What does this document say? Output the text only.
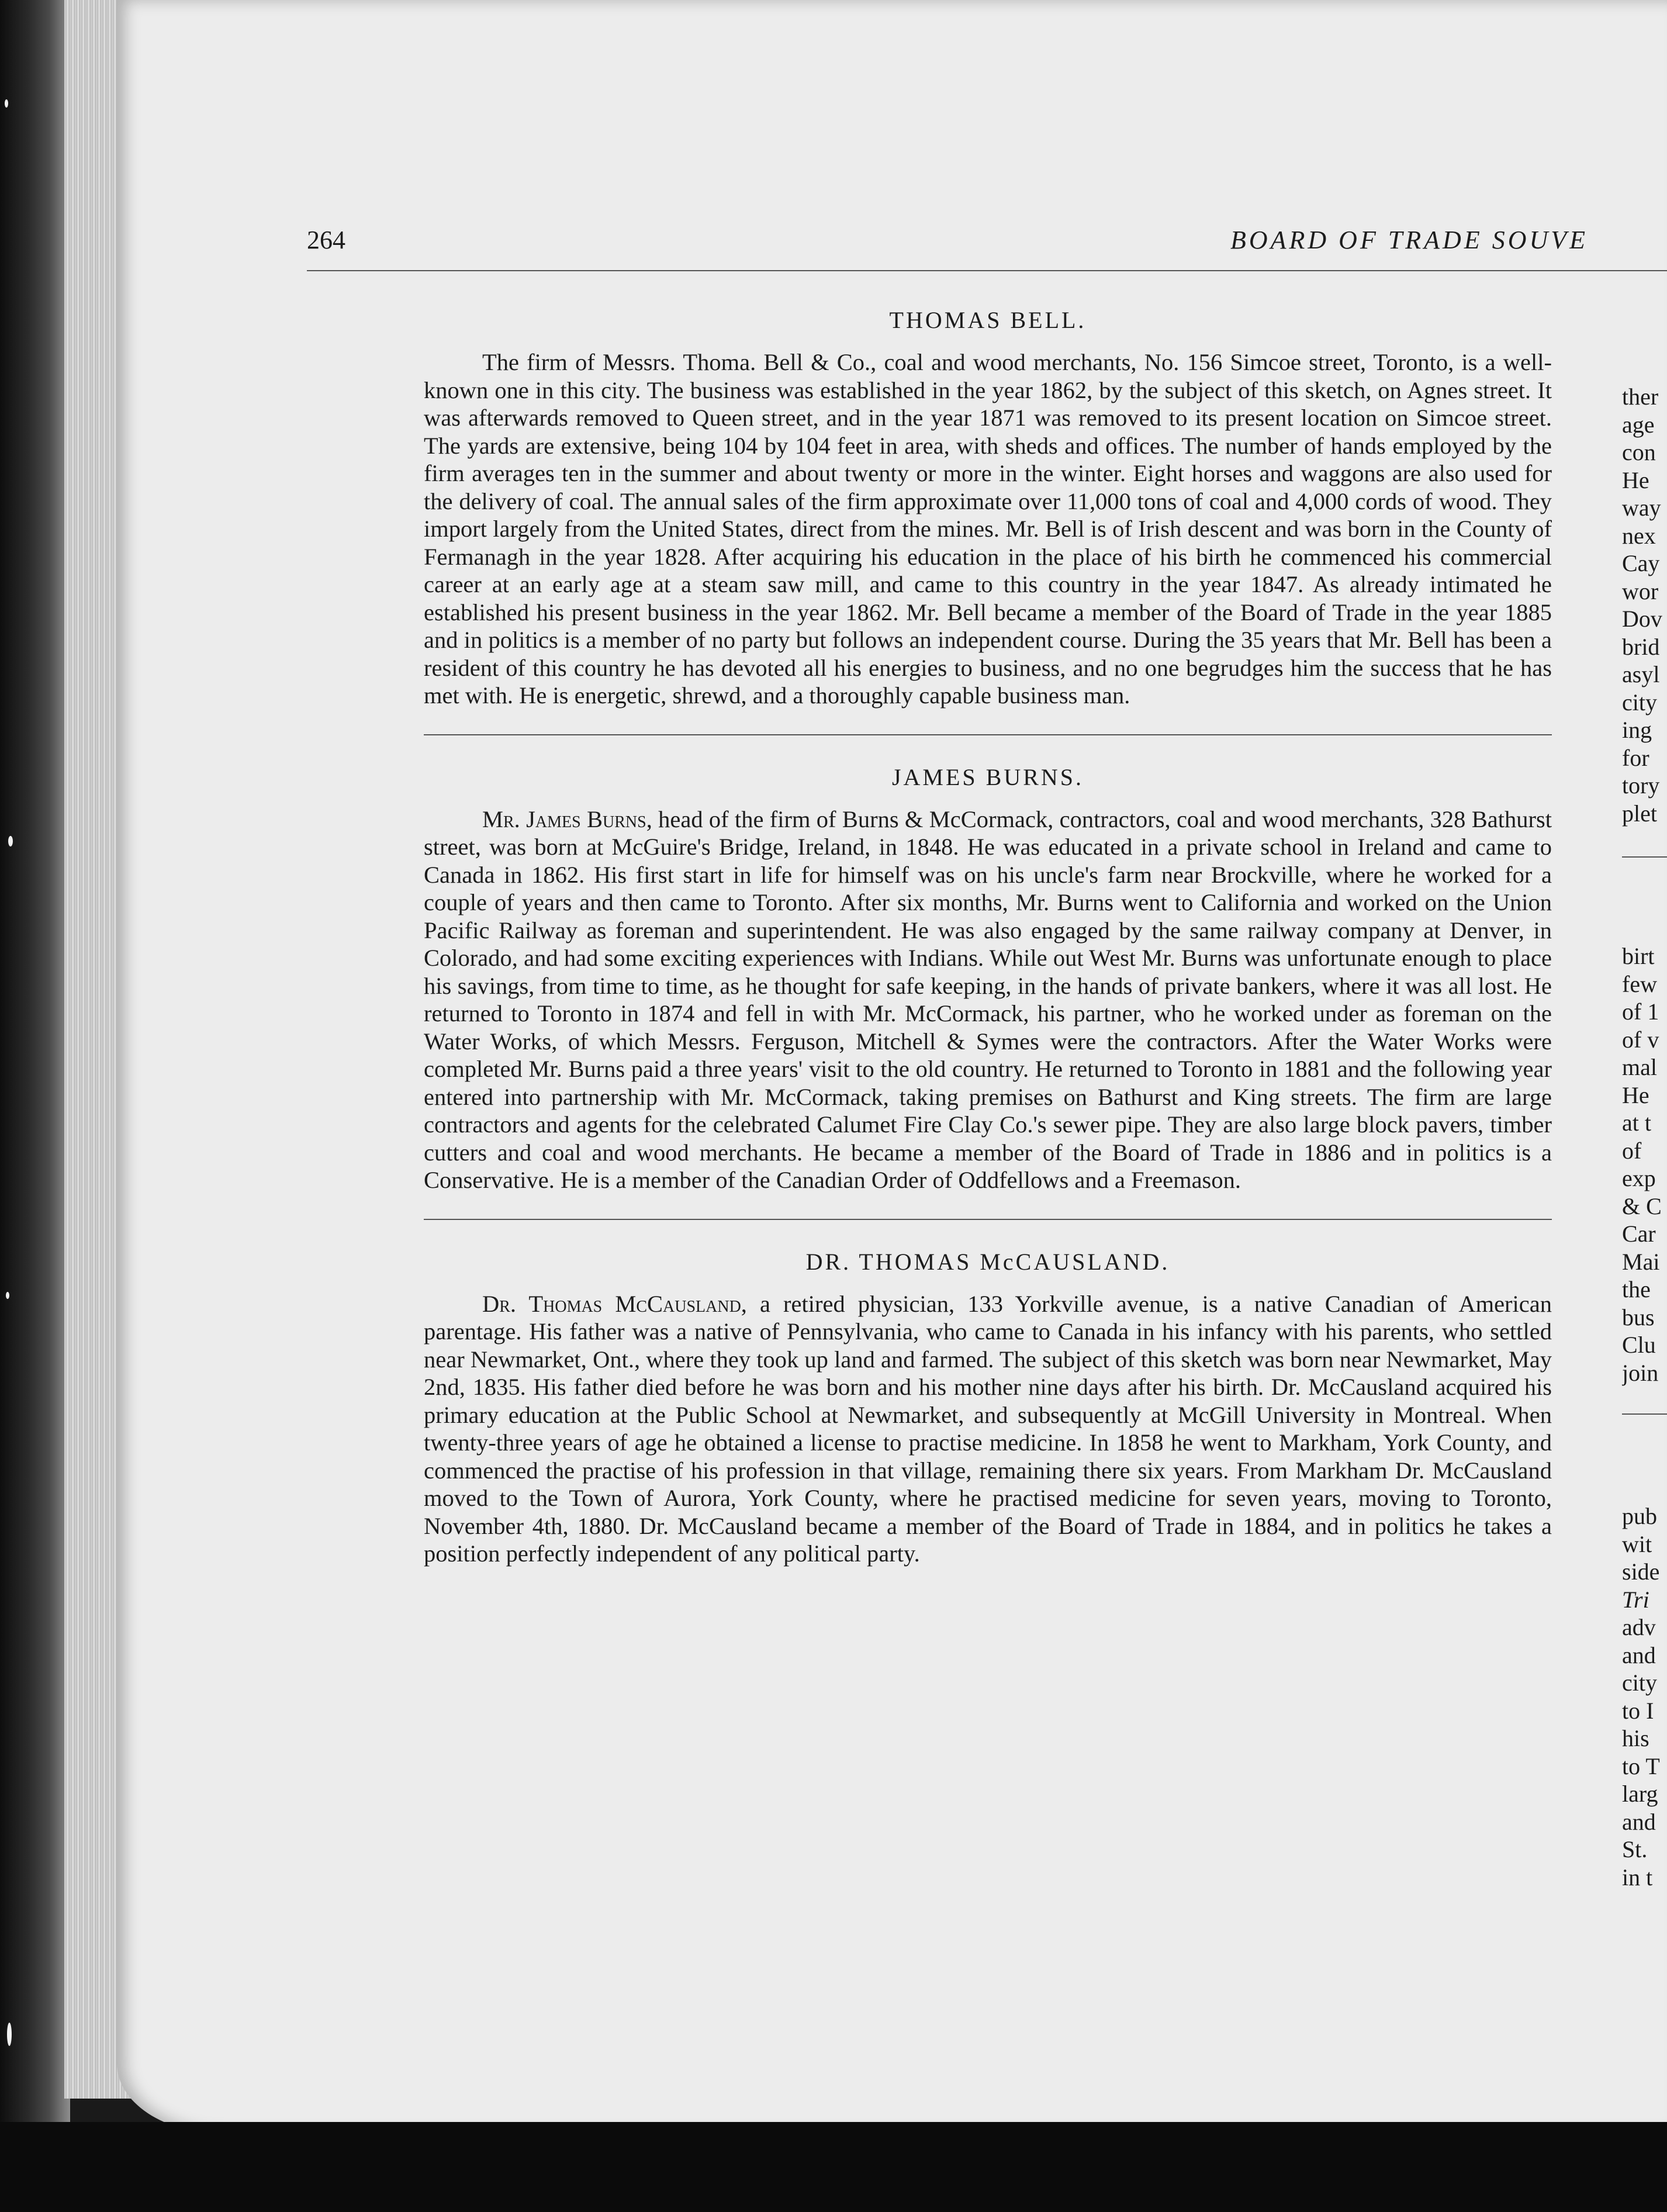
264	BOARD OF TRADE SOUVE
THOMAS BELL.

The firm of Messrs. Thoma. Bell & Co., coal and wood merchants, No. 156 Simcoe street, Toronto, is a well-known one in this city. The business was established in the year 1862, by the subject of this sketch, on Agnes street. It was afterwards removed to Queen street, and in the year 1871 was removed to its present location on Simcoe street. The yards are extensive, being 104 by 104 feet in area, with sheds and offices. The number of hands employed by the firm averages ten in the summer and about twenty or more in the winter. Eight horses and waggons are also used for the delivery of coal. The annual sales of the firm approximate over 11,000 tons of coal and 4,000 cords of wood. They import largely from the United States, direct from the mines. Mr. Bell is of Irish descent and was born in the County of Fermanagh in the year 1828. After acquiring his education in the place of his birth he commenced his commercial career at an early age at a steam saw mill, and came to this country in the year 1847. As already intimated he established his present business in the year 1862. Mr. Bell became a member of the Board of Trade in the year 1885 and in politics is a member of no party but follows an independent course. During the 35 years that Mr. Bell has been a resident of this country he has devoted all his energies to business, and no one begrudges him the success that he has met with. He is energetic, shrewd, and a thoroughly capable business man.

JAMES BURNS.

Mr. James Burns, head of the firm of Burns & McCormack, contractors, coal and wood merchants, 328 Bathurst street, was born at McGuire's Bridge, Ireland, in 1848. He was educated in a private school in Ireland and came to Canada in 1862. His first start in life for himself was on his uncle's farm near Brockville, where he worked for a couple of years and then came to Toronto. After six months, Mr. Burns went to California and worked on the Union Pacific Railway as foreman and superintendent. He was also engaged by the same railway company at Denver, in Colorado, and had some exciting experiences with Indians. While out West Mr. Burns was unfortunate enough to place his savings, from time to time, as he thought for safe keeping, in the hands of private bankers, where it was all lost. He returned to Toronto in 1874 and fell in with Mr. McCormack, his partner, who he worked under as foreman on the Water Works, of which Messrs. Ferguson, Mitchell & Symes were the contractors. After the Water Works were completed Mr. Burns paid a three years' visit to the old country. He returned to Toronto in 1881 and the following year entered into partnership with Mr. McCormack, taking premises on Bathurst and King streets. The firm are large contractors and agents for the celebrated Calumet Fire Clay Co.'s sewer pipe. They are also large block pavers, timber cutters and coal and wood merchants. He became a member of the Board of Trade in 1886 and in politics is a Conservative. He is a member of the Canadian Order of Oddfellows and a Freemason.

DR. THOMAS McCAUSLAND.

Dr. Thomas McCausland, a retired physician, 133 Yorkville avenue, is a native Canadian of American parentage. His father was a native of Pennsylvania, who came to Canada in his infancy with his parents, who settled near Newmarket, Ont., where they took up land and farmed. The subject of this sketch was born near Newmarket, May 2nd, 1835. His father died before he was born and his mother nine days after his birth. Dr. McCausland acquired his primary education at the Public School at Newmarket, and subsequently at McGill University in Montreal. When twenty-three years of age he obtained a license to practise medicine. In 1858 he went to Markham, York County, and commenced the practise of his profession in that village, remaining there six years. From Markham Dr. McCausland moved to the Town of Aurora, York County, where he practised medicine for seven years, moving to Toronto, November 4th, 1880. Dr. McCausland became a member of the Board of Trade in 1884, and in politics he takes a position perfectly independent of any political party.

ther
age
con
He
way
nex
Cay
wor
Dov
brid
asyl
city
ing
for
tory
plet
birt
few
of 1
of v
mal
He
at t
of
exp
& C
Car
Mai
the
bus
Clu
join
pub
wit
side
Tri
adv
and
city
to I
his
to T
larg
and
St.
in t
